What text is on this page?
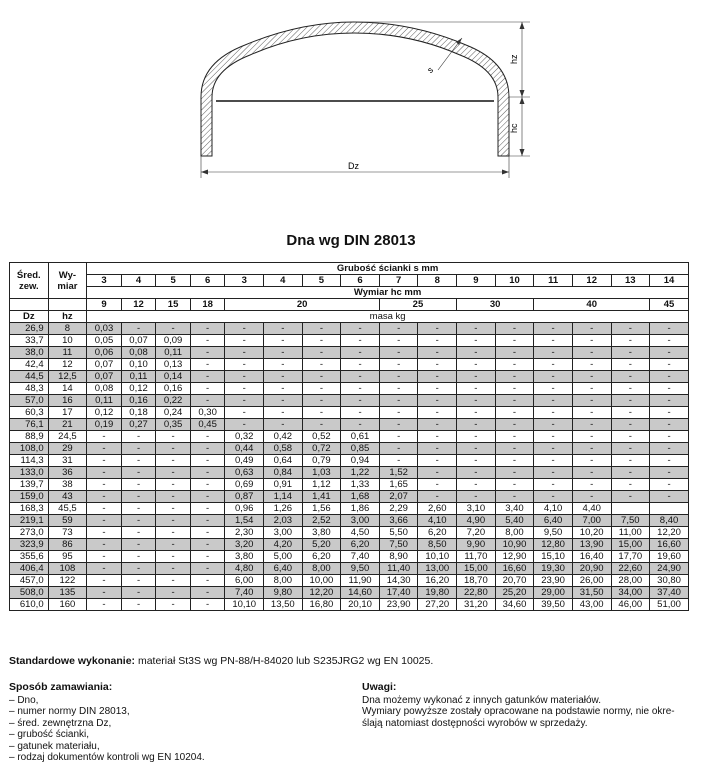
hz
hc
s
Dz
Dna wg DIN 28013
Śred. zew.	Wy- miar	Grubość ścianki s mm															
		3	4	5	6	3	4	5	6	7	8	9	10	11	12	13	14
		Wymiar hc mm															
		9	12	15	18	20				25		30		40			45
Dz	hz	masa kg															
26,9	8	0,03	-	-	-	-	-	-	-	-	-	-	-	-	-	-	-
33,7	10	0,05	0,07	0,09	-	-	-	-	-	-	-	-	-	-	-	-	-
38,0	11	0,06	0,08	0,11	-	-	-	-	-	-	-	-	-	-	-	-	-
42,4	12	0,07	0,10	0,13	-	-	-	-	-	-	-	-	-	-	-	-	-
44,5	12,5	0,07	0,11	0,14	-	-	-	-	-	-	-	-	-	-	-	-	-
48,3	14	0,08	0,12	0,16	-	-	-	-	-	-	-	-	-	-	-	-	-
57,0	16	0,11	0,16	0,22	-	-	-	-	-	-	-	-	-	-	-	-	-
60,3	17	0,12	0,18	0,24	0,30	-	-	-	-	-	-	-	-	-	-	-	-
76,1	21	0,19	0,27	0,35	0,45	-	-	-	-	-	-	-	-	-	-	-	-
88,9	24,5	-	-	-	-	0,32	0,42	0,52	0,61	-	-	-	-	-	-	-	-
108,0	29	-	-	-	-	0,44	0,58	0,72	0,85	-	-	-	-	-	-	-	-
114,3	31	-	-	-	-	0,49	0,64	0,79	0,94	-	-	-	-	-	-	-	-
133,0	36	-	-	-	-	0,63	0,84	1,03	1,22	1,52	-	-	-	-	-	-	-
139,7	38	-	-	-	-	0,69	0,91	1,12	1,33	1,65	-	-	-	-	-	-	-
159,0	43	-	-	-	-	0,87	1,14	1,41	1,68	2,07	-	-	-	-	-	-	-
168,3	45,5	-	-	-	-	0,96	1,26	1,56	1,86	2,29	2,60	3,10	3,40	4,10	4,40		
219,1	59	-	-	-	-	1,54	2,03	2,52	3,00	3,66	4,10	4,90	5,40	6,40	7,00	7,50	8,40
273,0	73	-	-	-	-	2,30	3,00	3,80	4,50	5,50	6,20	7,20	8,00	9,50	10,20	11,00	12,20
323,9	86	-	-	-	-	3,20	4,20	5,20	6,20	7,50	8,50	9,90	10,90	12,80	13,90	15,00	16,60
355,6	95	-	-	-	-	3,80	5,00	6,20	7,40	8,90	10,10	11,70	12,90	15,10	16,40	17,70	19,60
406,4	108	-	-	-	-	4,80	6,40	8,00	9,50	11,40	13,00	15,00	16,60	19,30	20,90	22,60	24,90
457,0	122	-	-	-	-	6,00	8,00	10,00	11,90	14,30	16,20	18,70	20,70	23,90	26,00	28,00	30,80
508,0	135	-	-	-	-	7,40	9,80	12,20	14,60	17,40	19,80	22,80	25,20	29,00	31,50	34,00	37,40
610,0	160	-	-	-	-	10,10	13,50	16,80	20,10	23,90	27,20	31,20	34,60	39,50	43,00	46,00	51,00
Standardowe wykonanie: materiał St3S wg PN-88/H-84020 lub S235JRG2 wg EN 10025.
Sposób zamawiania:
– Dno,
– numer normy DIN 28013,
– śred. zewnętrzna Dz,
– grubość ścianki,
– gatunek materiału,
– rodzaj dokumentów kontroli wg EN 10204.
Uwagi:
Dna możemy wykonać z innych gatunków materiałów.
Wymiary powyższe zostały opracowane na podstawie normy, nie okre-
ślają natomiast dostępności wyrobów w sprzedaży.
